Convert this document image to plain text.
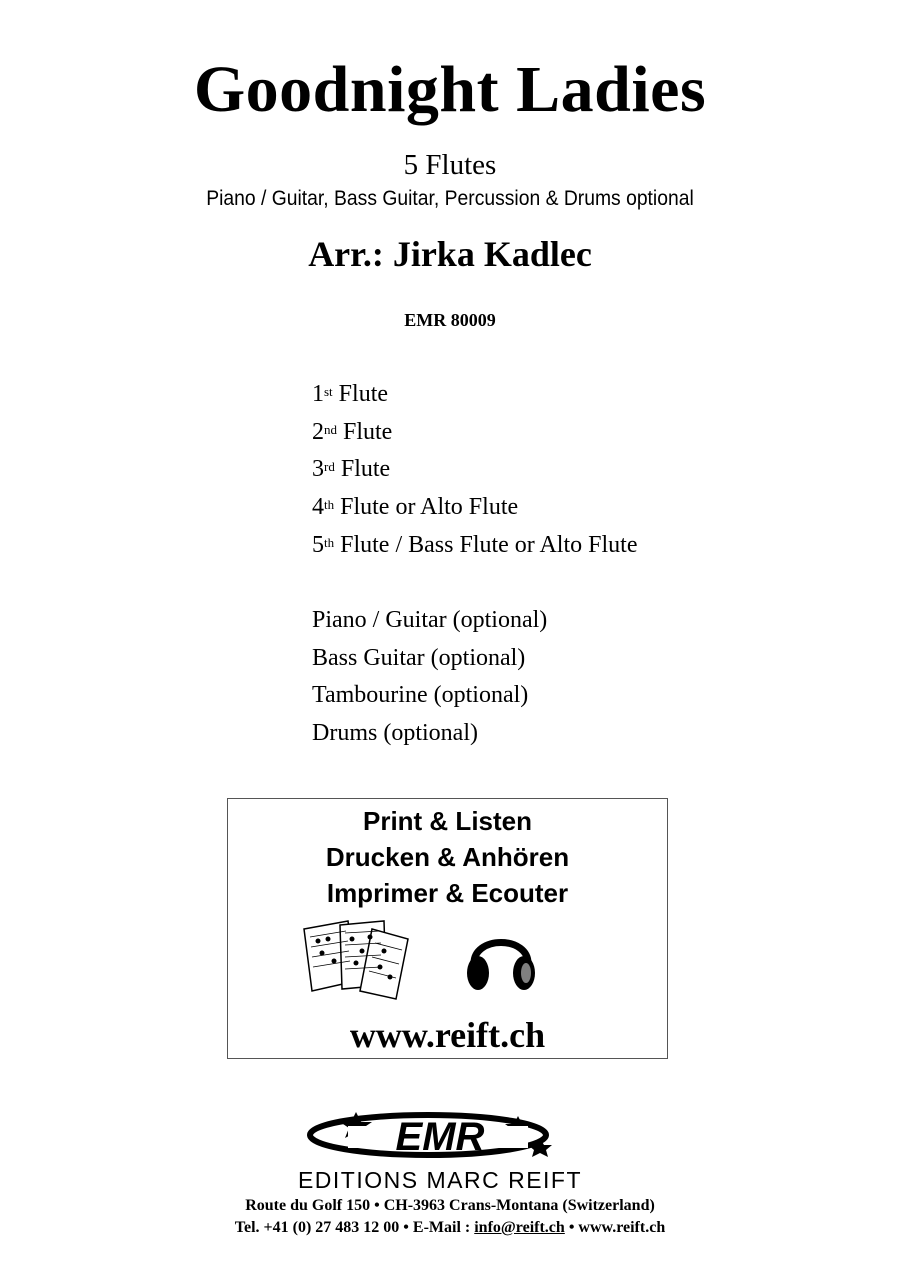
Goodnight Ladies
5 Flutes
Piano / Guitar, Bass Guitar, Percussion & Drums optional
Arr.: Jirka Kadlec
EMR 80009
1st Flute
2nd Flute
3rd Flute
4th Flute or Alto Flute
5th Flute / Bass Flute or Alto Flute
Piano / Guitar (optional)
Bass Guitar (optional)
Tambourine (optional)
Drums (optional)
Print & Listen
Drucken & Anhören
Imprimer & Ecouter
www.reift.ch
EMR
EDITIONS MARC REIFT
Route du Golf 150 • CH-3963 Crans-Montana (Switzerland)
Tel. +41 (0) 27 483 12 00 • E-Mail : info@reift.ch • www.reift.ch
